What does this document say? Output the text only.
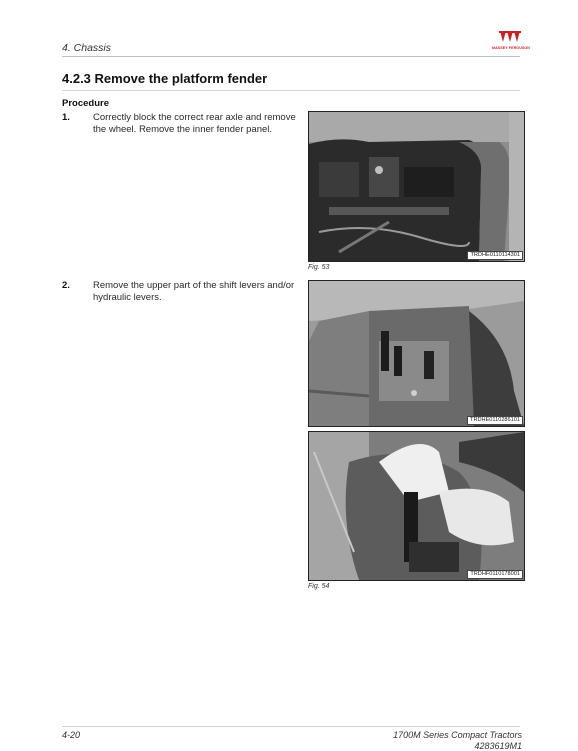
4. Chassis	MASSEY FERGUSON
4.2.3 Remove the platform fender
Procedure
1. Correctly block the correct rear axle and remove the wheel. Remove the inner fender panel.
2. Remove the upper part of the shift levers and/or hydraulic levers.
TRDHE0110114301
Fig. 53
TRDHE0110286101
TRDHF0110178001
Fig. 54
4-20	1700M Series Compact Tractors
4283619M1
